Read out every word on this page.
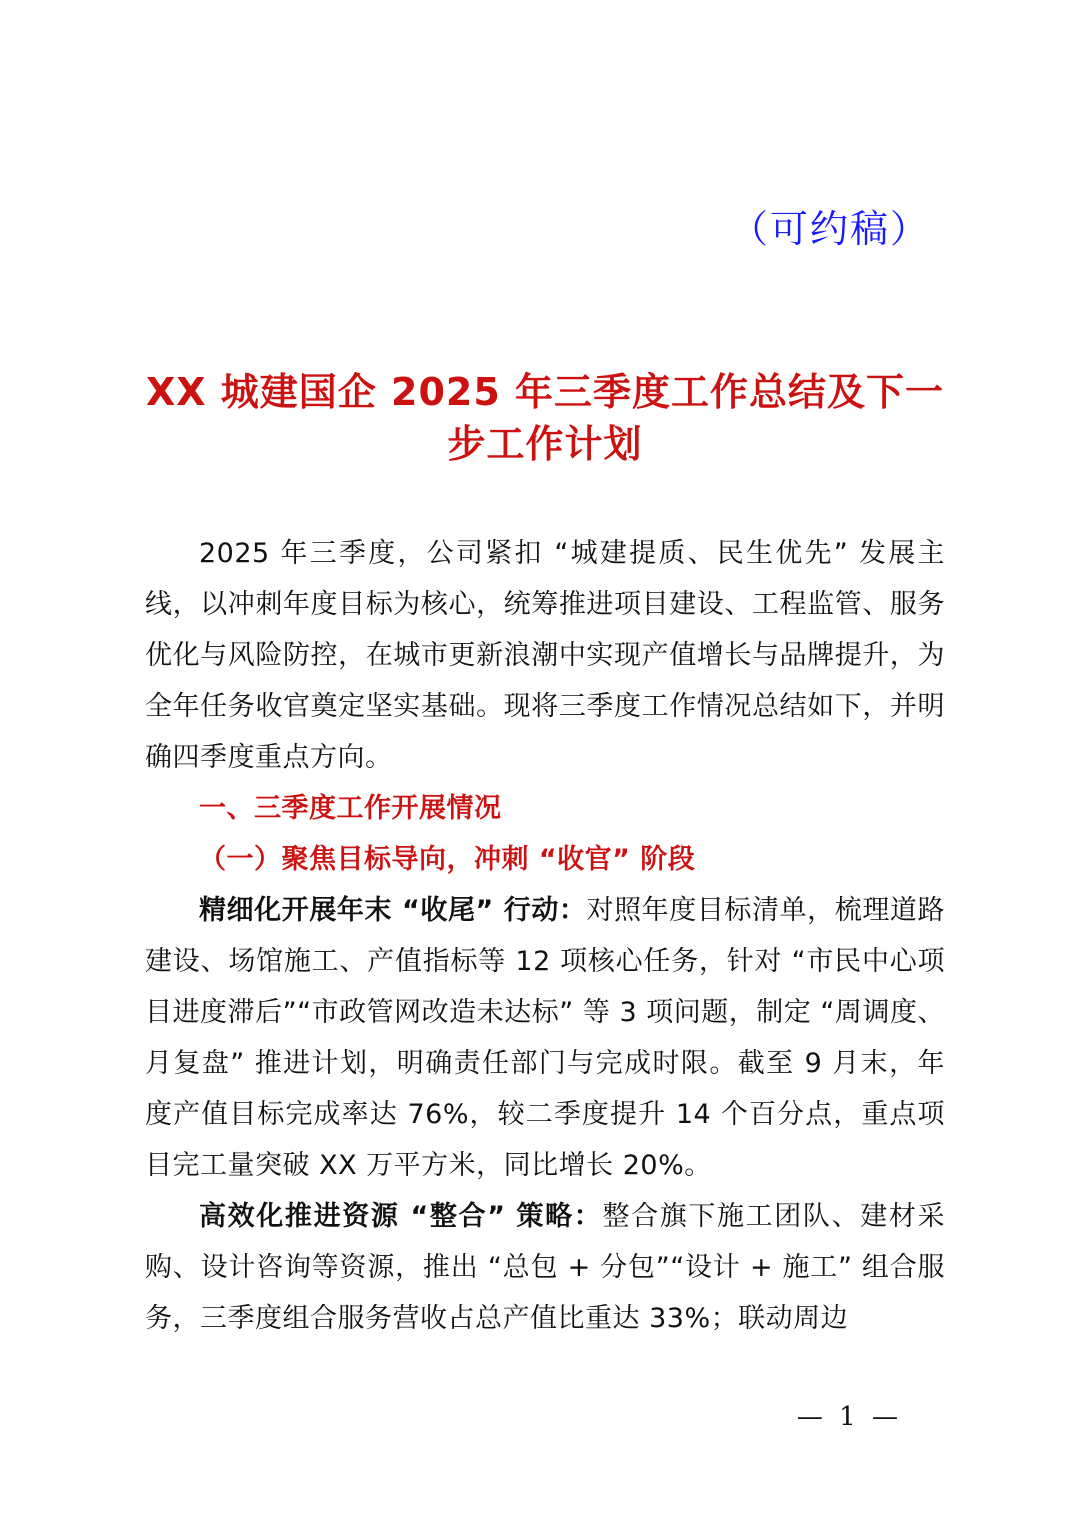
（可约稿）
XX 城建国企 2025 年三季度工作总结及下一
步工作计划

2025 年三季度，公司紧扣 “城建提质、民生优先” 发展主线，以冲刺年度目标为核心，统筹推进项目建设、工程监管、服务优化与风险防控，在城市更新浪潮中实现产值增长与品牌提升，为全年任务收官奠定坚实基础。现将三季度工作情况总结如下，并明确四季度重点方向。

一、三季度工作开展情况
（一）聚焦目标导向，冲刺 “收官” 阶段

精细化开展年末 “收尾” 行动：对照年度目标清单，梳理道路建设、场馆施工、产值指标等 12 项核心任务，针对 “市民中心项目进度滞后”“市政管网改造未达标” 等 3 项问题，制定 “周调度、月复盘” 推进计划，明确责任部门与完成时限。截至 9 月末，年度产值目标完成率达 76%，较二季度提升 14 个百分点，重点项目完工量突破 XX 万平方米，同比增长 20%。

高效化推进资源 “整合” 策略：整合旗下施工团队、建材采购、设计咨询等资源，推出 “总包 + 分包”“设计 + 施工” 组合服务，三季度组合服务营收占总产值比重达 33%；联动周边

— 1 —
